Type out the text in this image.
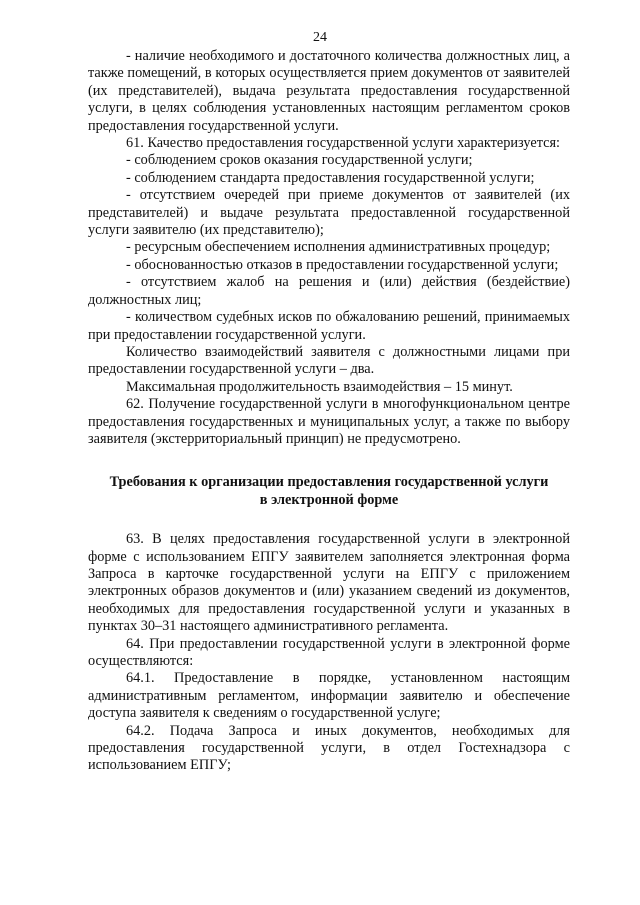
24

- наличие необходимого и достаточного количества должностных лиц, а также помещений, в которых осуществляется прием документов от заявителей (их представителей), выдача результата предоставления государственной услуги, в целях соблюдения установленных настоящим регламентом сроков предоставления государственной услуги.

61. Качество предоставления государственной услуги характеризуется:

- соблюдением сроков оказания государственной услуги;

- соблюдением стандарта предоставления государственной услуги;

- отсутствием очередей при приеме документов от заявителей (их представителей) и выдаче результата предоставленной государственной услуги заявителю (их представителю);

- ресурсным обеспечением исполнения административных процедур;

- обоснованностью отказов в предоставлении государственной услуги;

- отсутствием жалоб на решения и (или) действия (бездействие) должностных лиц;

- количеством судебных исков по обжалованию решений, принимаемых при предоставлении государственной услуги.

Количество взаимодействий заявителя с должностными лицами при предоставлении государственной услуги – два.

Максимальная продолжительность взаимодействия – 15 минут.

62. Получение государственной услуги в многофункциональном центре предоставления государственных и муниципальных услуг, а также по выбору заявителя (экстерриториальный принцип) не предусмотрено.

Требования к организации предоставления государственной услуги
в электронной форме

63. В целях предоставления государственной услуги в электронной форме с использованием ЕПГУ заявителем заполняется электронная форма Запроса в карточке государственной услуги на ЕПГУ с приложением электронных образов документов и (или) указанием сведений из документов, необходимых для предоставления государственной услуги и указанных в пунктах 30–31 настоящего административного регламента.

64. При предоставлении государственной услуги в электронной форме осуществляются:

64.1. Предоставление в порядке, установленном настоящим административным регламентом, информации заявителю и обеспечение доступа заявителя к сведениям о государственной услуге;

64.2. Подача Запроса и иных документов, необходимых для предоставления государственной услуги, в отдел Гостехнадзора с использованием ЕПГУ;
